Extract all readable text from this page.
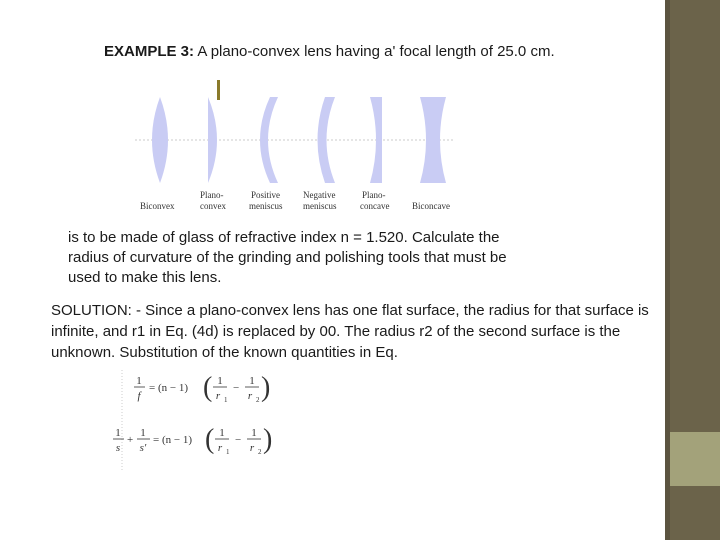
EXAMPLE 3: A plano-convex lens having a' focal length of 25.0 cm.
Biconvex
Plano-
convex
Positive
meniscus
Negative
meniscus
Plano-
concave	Biconcave
is to be made of glass of refractive index n = 1.520. Calculate the radius of curvature of the grinding and polishing tools that must be used to make this lens.
SOLUTION: - Since a plano-convex lens has one flat surface, the radius for that surface is infinite, and r1 in Eq. (4d) is replaced by 00. The radius r2 of the second surface is the unknown. Substitution of the known quantities in Eq.
1
f
= (n − 1) ( 1
r 1
−
1
r 2 )
1
s
+
1
s′
= (n − 1) ( 1
r 1
−
1
r 2 )
